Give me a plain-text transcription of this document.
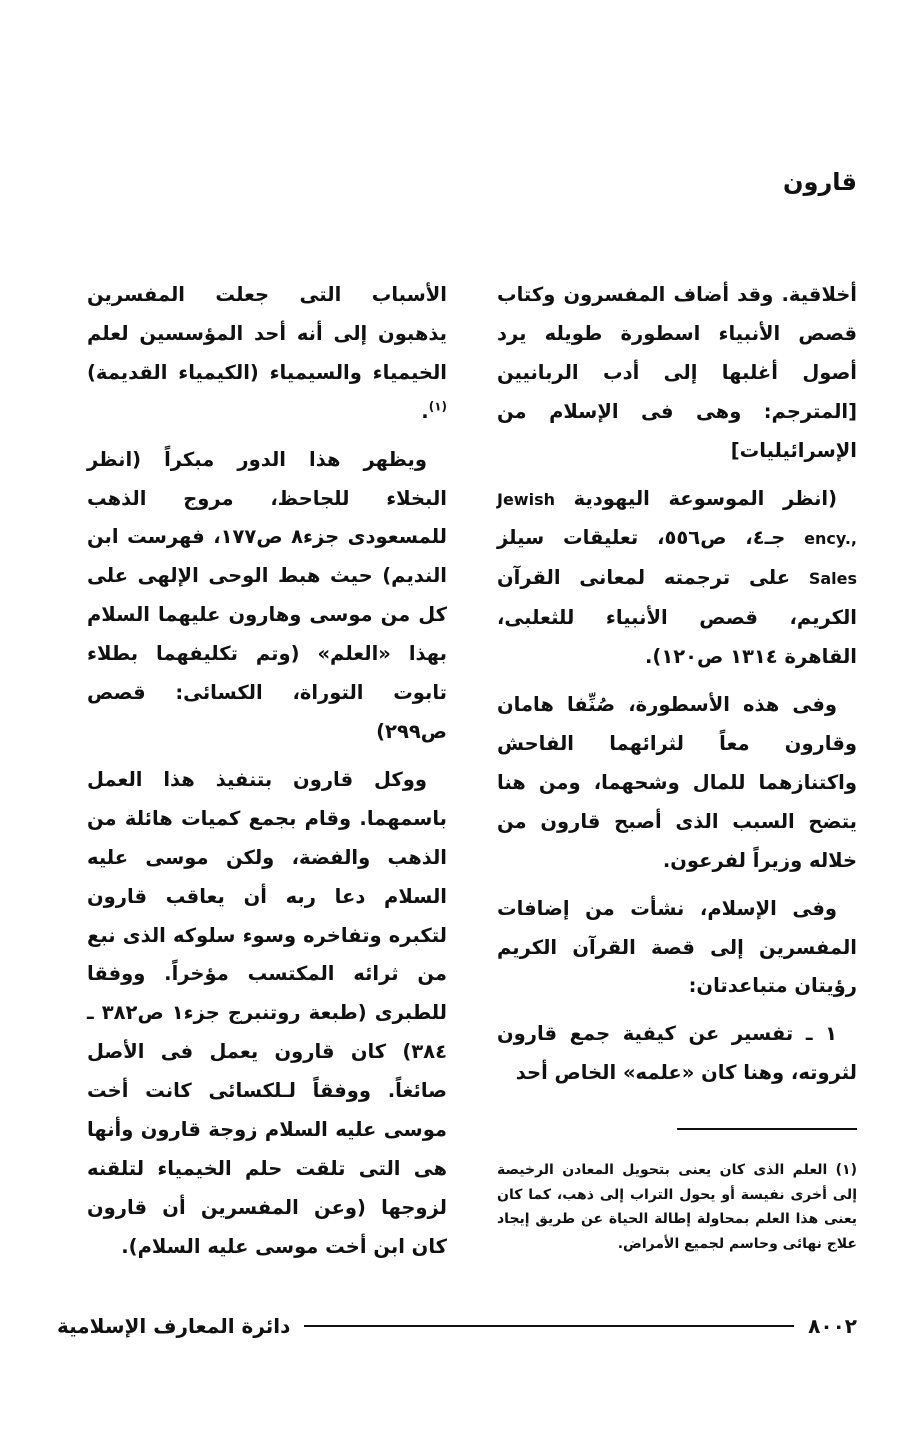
قارون

أخلاقية. وقد أضاف المفسرون وكتاب قصص الأنبياء اسطورة طويله يرد أصول أغلبها إلى أدب الربانيين [المترجم: وهى فى الإسلام من الإسرائيليات]

(انظر الموسوعة اليهودية Jewish ency., جـ٤، ص٥٥٦، تعليقات سيلز Sales على ترجمته لمعانى القرآن الكريم، قصص الأنبياء للثعلبى، القاهرة ١٣١٤ ص١٢٠).

وفى هذه الأسطورة، صُنِّفا هامان وقارون معاً لثرائهما الفاحش واكتنازهما للمال وشحهما، ومن هنا يتضح السبب الذى أصبح قارون من خلاله وزيراً لفرعون.

وفى الإسلام، نشأت من إضافات المفسرين إلى قصة القرآن الكريم رؤيتان متباعدتان:

١ ـ تفسير عن كيفية جمع قارون لثروته، وهنا كان «علمه» الخاص أحد

الأسباب التى جعلت المفسرين يذهبون إلى أنه أحد المؤسسين لعلم الخيمياء والسيمياء (الكيمياء القديمة)$^{(١)}$.

ويظهر هذا الدور مبكراً (انظر البخلاء للجاحظ، مروج الذهب للمسعودى جزء٨ ص١٧٧، فهرست ابن النديم) حيث هبط الوحى الإلهى على كل من موسى وهارون عليهما السلام بهذا «العلم» (وتم تكليفهما بطلاء تابوت التوراة، الكسائى: قصص ص٢٩٩)

ووكل قارون بتنفيذ هذا العمل باسمهما. وقام بجمع كميات هائلة من الذهب والفضة، ولكن موسى عليه السلام دعا ربه أن يعاقب قارون لتكبره وتفاخره وسوء سلوكه الذى نبع من ثرائه المكتسب مؤخراً. ووفقا للطبرى (طبعة روتنبرج جزء١ ص٣٨٢ ـ ٣٨٤) كان قارون يعمل فى الأصل صائغاً. ووفقاً لـلكسائى كانت أخت موسى عليه السلام زوجة قارون وأنها هى التى تلقت حلم الخيمياء لتلقنه لزوجها (وعن المفسرين أن قارون كان ابن أخت موسى عليه السلام).

(١) العلم الذى كان يعنى بتحويل المعادن الرخيصة إلى أخرى نفيسة أو يحول التراب إلى ذهب، كما كان يعنى هذا العلم بمحاولة إطالة الحياة عن طريق إيجاد علاج نهائى وحاسم لجميع الأمراض.

٨٠٠٢
دائرة المعارف الإسلامية
